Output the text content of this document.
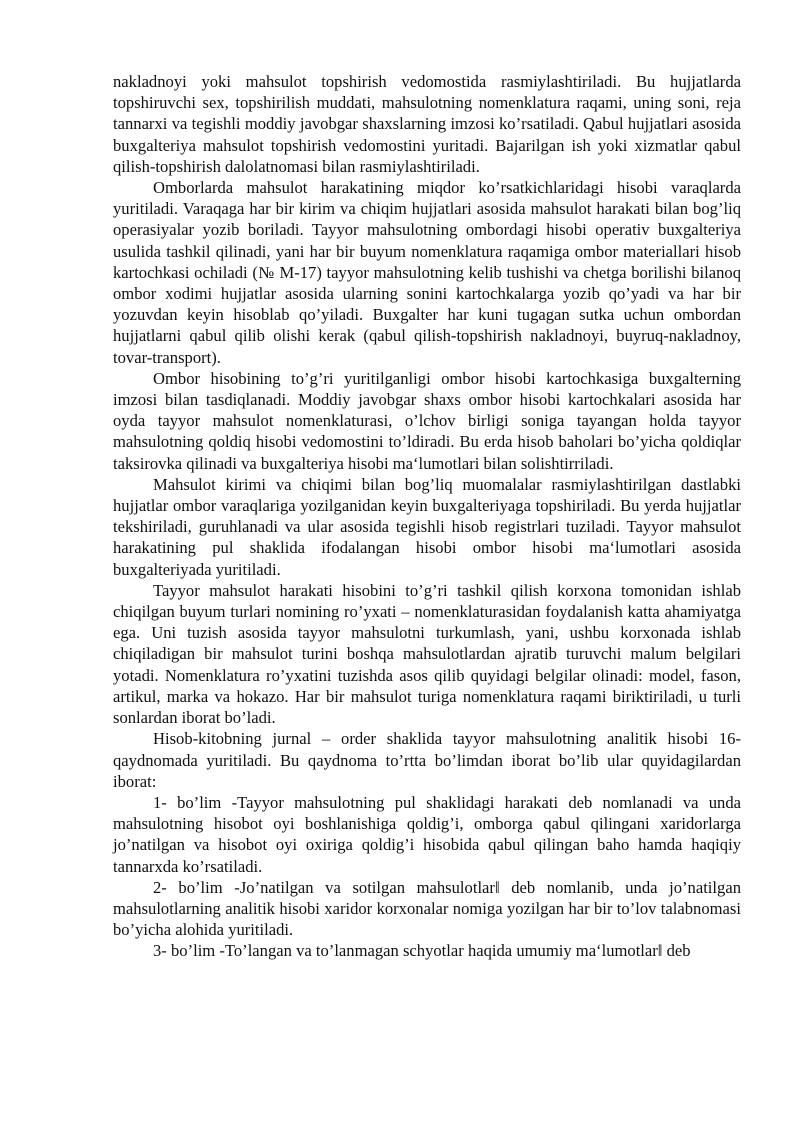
nakladnoyi yoki mahsulot topshirish vedomostida rasmiylashtiriladi. Bu hujjatlarda topshiruvchi sex, topshirilish muddati, mahsulotning nomenklatura raqami, uning soni, reja tannarxi va tegishli moddiy javobgar shaxslarning imzosi ko’rsatiladi. Qabul hujjatlari asosida buxgalteriya mahsulot topshirish vedomostini yuritadi. Bajarilgan ish yoki xizmatlar qabul qilish-topshirish dalolatnomasi bilan rasmiylashtiriladi.

Omborlarda mahsulot harakatining miqdor ko’rsatkichlaridagi hisobi varaqlarda yuritiladi. Varaqaga har bir kirim va chiqim hujjatlari asosida mahsulot harakati bilan bog’liq operasiyalar yozib boriladi. Tayyor mahsulotning ombordagi hisobi operativ buxgalteriya usulida tashkil qilinadi, yani har bir buyum nomenklatura raqamiga ombor materiallari hisob kartochkasi ochiladi (№ M-17) tayyor mahsulotning kelib tushishi va chetga borilishi bilanoq ombor xodimi hujjatlar asosida ularning sonini kartochkalarga yozib qo’yadi va har bir yozuvdan keyin hisoblab qo’yiladi. Buxgalter har kuni tugagan sutka uchun ombordan hujjatlarni qabul qilib olishi kerak (qabul qilish-topshirish nakladnoyi, buyruq-nakladnoy, tovar-transport).

Ombor hisobining to’g’ri yuritilganligi ombor hisobi kartochkasiga buxgalterning imzosi bilan tasdiqlanadi. Moddiy javobgar shaxs ombor hisobi kartochkalari asosida har oyda tayyor mahsulot nomenklaturasi, o’lchov birligi soniga tayangan holda tayyor mahsulotning qoldiq hisobi vedomostini to’ldiradi. Bu erda hisob baholari bo’yicha qoldiqlar taksirovka qilinadi va buxgalteriya hisobi ma‘lumotlari bilan solishtirriladi.

Mahsulot kirimi va chiqimi bilan bog’liq muomalalar rasmiylashtirilgan dastlabki hujjatlar ombor varaqlariga yozilganidan keyin buxgalteriyaga topshiriladi. Bu yerda hujjatlar tekshiriladi, guruhlanadi va ular asosida tegishli hisob registrlari tuziladi. Tayyor mahsulot harakatining pul shaklida ifodalangan hisobi ombor hisobi ma‘lumotlari asosida buxgalteriyada yuritiladi.

Tayyor mahsulot harakati hisobini to’g’ri tashkil qilish korxona tomonidan ishlab chiqilgan buyum turlari nomining ro’yxati – nomenklaturasidan foydalanish katta ahamiyatga ega. Uni tuzish asosida tayyor mahsulotni turkumlash, yani, ushbu korxonada ishlab chiqiladigan bir mahsulot turini boshqa mahsulotlardan ajratib turuvchi malum belgilari yotadi. Nomenklatura ro’yxatini tuzishda asos qilib quyidagi belgilar olinadi: model, fason, artikul, marka va hokazo. Har bir mahsulot turiga nomenklatura raqami biriktiriladi, u turli sonlardan iborat bo’ladi.

Hisob-kitobning jurnal – order shaklida tayyor mahsulotning analitik hisobi 16-qaydnomada yuritiladi. Bu qaydnoma to’rtta bo’limdan iborat bo’lib ular quyidagilardan iborat:

1- bo’lim -Tayyor mahsulotning pul shaklidagi harakati deb nomlanadi va unda mahsulotning hisobot oyi boshlanishiga qoldig’i, omborga qabul qilingani xaridorlarga jo’natilgan va hisobot oyi oxiriga qoldig’i hisobida qabul qilingan baho hamda haqiqiy tannarxda ko’rsatiladi.

2- bo’lim -Jo’natilgan va sotilgan mahsulotlar‖ deb nomlanib, unda jo’natilgan mahsulotlarning analitik hisobi xaridor korxonalar nomiga yozilgan har bir to’lov talabnomasi bo’yicha alohida yuritiladi.

3- bo’lim -To’langan va to’lanmagan schyotlar haqida umumiy ma‘lumotlar‖ deb
